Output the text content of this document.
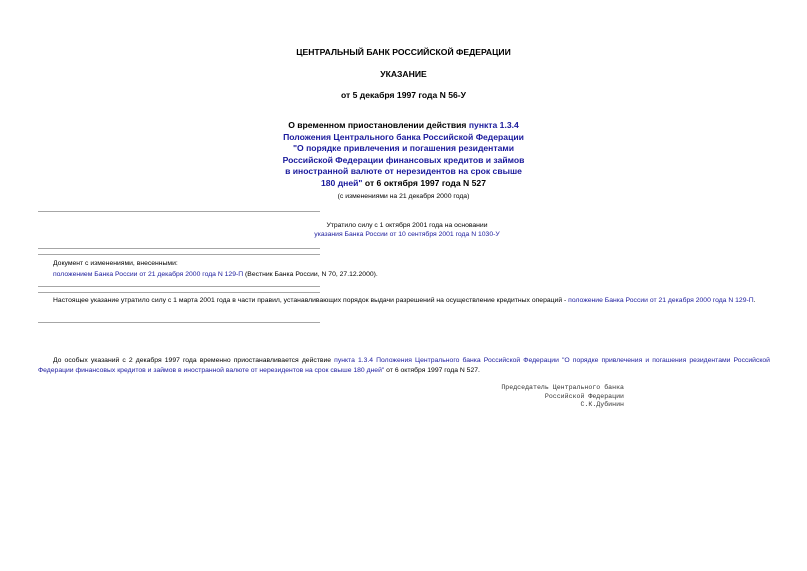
ЦЕНТРАЛЬНЫЙ БАНК РОССИЙСКОЙ ФЕДЕРАЦИИ
УКАЗАНИЕ
от 5 декабря 1997 года N 56-У
О временном приостановлении действия пункта 1.3.4
Положения Центрального банка Российской Федерации
"О порядке привлечения и погашения резидентами
Российской Федерации финансовых кредитов и займов
в иностранной валюте от нерезидентов на срок свыше
180 дней" от 6 октября 1997 года N 527
(с изменениями на 21 декабря 2000 года)
Утратило силу с 1 октября 2001 года на основании
указания Банка России от 10 сентября 2001 года N 1030-У
Документ с изменениями, внесенными:
положением Банка России от 21 декабря 2000 года N 129-П (Вестник Банка России, N 70, 27.12.2000).
Настоящее указание утратило силу с 1 марта 2001 года в части правил, устанавливающих порядок выдачи разрешений на осуществление кредитных операций - положение Банка России от 21 декабря 2000 года N 129-П.
До особых указаний с 2 декабря 1997 года временно приостанавливается действие пункта 1.3.4 Положения Центрального банка Российской Федерации "О порядке привлечения и погашения резидентами Российской Федерации финансовых кредитов и займов в иностранной валюте от нерезидентов на срок свыше 180 дней" от 6 октября 1997 года N 527.
Председатель Центрального банка
Российской Федерации
С.К.Дубинин
